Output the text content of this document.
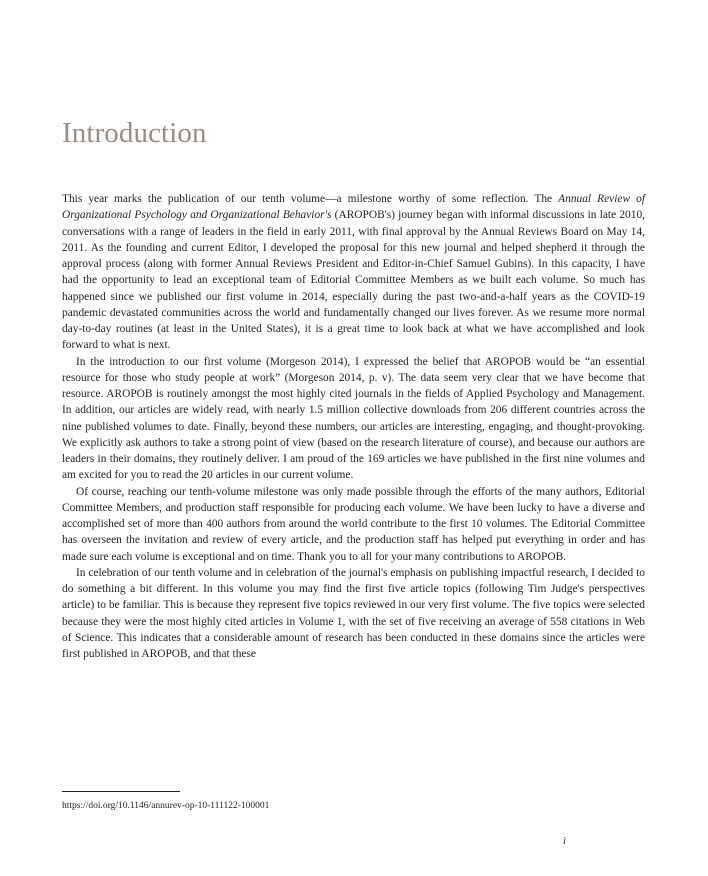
Introduction

This year marks the publication of our tenth volume—a milestone worthy of some reflection. The Annual Review of Organizational Psychology and Organizational Behavior's (AROPOB's) journey began with informal discussions in late 2010, conversations with a range of leaders in the field in early 2011, with final approval by the Annual Reviews Board on May 14, 2011. As the founding and current Editor, I developed the proposal for this new journal and helped shepherd it through the approval process (along with former Annual Reviews President and Editor-in-Chief Samuel Gubins). In this capacity, I have had the opportunity to lead an exceptional team of Editorial Committee Members as we built each volume. So much has happened since we published our first volume in 2014, especially during the past two-and-a-half years as the COVID-19 pandemic devastated communities across the world and fundamentally changed our lives forever. As we resume more normal day-to-day routines (at least in the United States), it is a great time to look back at what we have accomplished and look forward to what is next.

In the introduction to our first volume (Morgeson 2014), I expressed the belief that AROPOB would be “an essential resource for those who study people at work” (Morgeson 2014, p. v). The data seem very clear that we have become that resource. AROPOB is routinely amongst the most highly cited journals in the fields of Applied Psychology and Management. In addition, our articles are widely read, with nearly 1.5 million collective downloads from 206 different countries across the nine published volumes to date. Finally, beyond these numbers, our articles are interesting, engaging, and thought-provoking. We explicitly ask authors to take a strong point of view (based on the research literature of course), and because our authors are leaders in their domains, they routinely deliver. I am proud of the 169 articles we have published in the first nine volumes and am excited for you to read the 20 articles in our current volume.

Of course, reaching our tenth-volume milestone was only made possible through the efforts of the many authors, Editorial Committee Members, and production staff responsible for producing each volume. We have been lucky to have a diverse and accomplished set of more than 400 authors from around the world contribute to the first 10 volumes. The Editorial Committee has overseen the invitation and review of every article, and the production staff has helped put everything in order and has made sure each volume is exceptional and on time. Thank you to all for your many contributions to AROPOB.

In celebration of our tenth volume and in celebration of the journal's emphasis on publishing impactful research, I decided to do something a bit different. In this volume you may find the first five article topics (following Tim Judge's perspectives article) to be familiar. This is because they represent five topics reviewed in our very first volume. The five topics were selected because they were the most highly cited articles in Volume 1, with the set of five receiving an average of 558 citations in Web of Science. This indicates that a considerable amount of research has been conducted in these domains since the articles were first published in AROPOB, and that these

https://doi.org/10.1146/annurev-op-10-111122-100001
i
